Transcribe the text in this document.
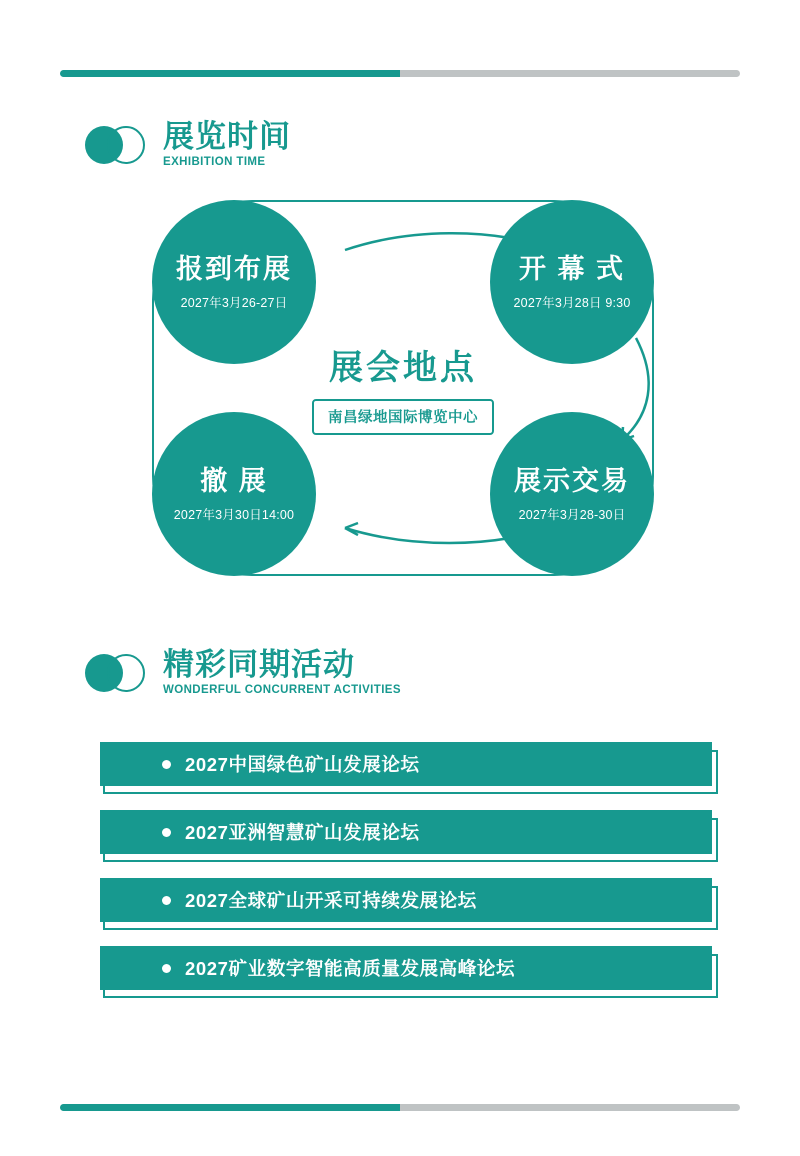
展览时间
EXHIBITION TIME
报到布展
2027年3月26-27日
开 幕 式
2027年3月28日 9:30
展示交易
2027年3月28-30日
撤 展
2027年3月30日14:00
展会地点
南昌绿地国际博览中心
精彩同期活动
WONDERFUL CONCURRENT ACTIVITIES
2027中国绿色矿山发展论坛
2027亚洲智慧矿山发展论坛
2027全球矿山开采可持续发展论坛
2027矿业数字智能高质量发展高峰论坛
